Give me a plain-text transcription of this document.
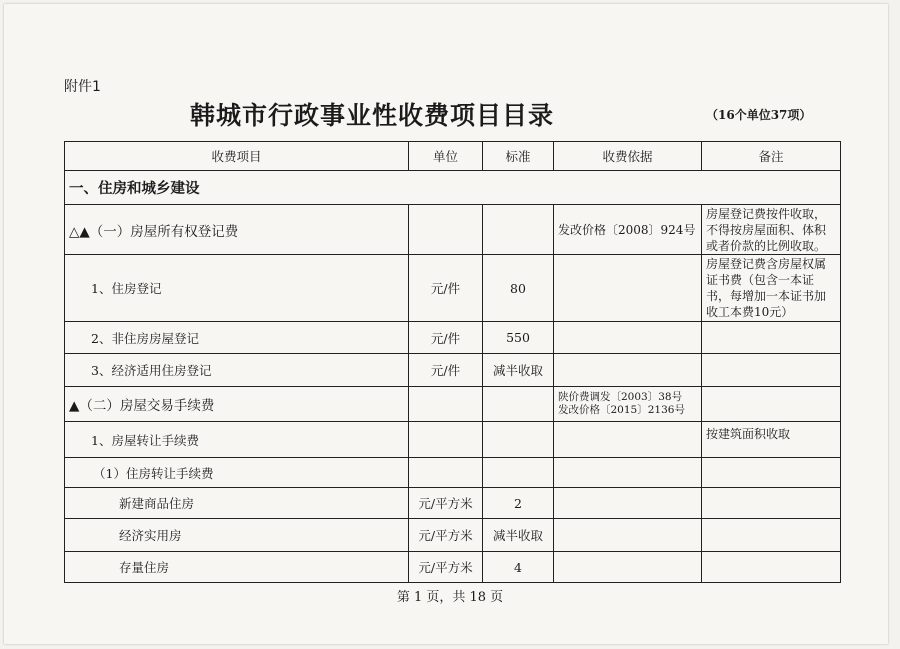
附件1
韩城市行政事业性收费项目目录	（16个单位37项）
收费项目	单位	标准	收费依据	备注
一、住房和城乡建设				
△▲（一）房屋所有权登记费			发改价格〔2008〕924号	房屋登记费按件收取，不得按房屋面积、体积或者价款的比例收取。
1、住房登记	元/件	80		房屋登记费含房屋权属证书费（包含一本证书，每增加一本证书加收工本费10元）
2、非住房房屋登记	元/件	550		
3、经济适用住房登记	元/件	减半收取		
▲（二）房屋交易手续费			陕价费调发〔2003〕38号
发改价格〔2015〕2136号	

1、房屋转让手续费				按建筑面积收取
（1）住房转让手续费				
新建商品住房	元/平方米	2		
经济实用房	元/平方米	减半收取		
存量住房	元/平方米	4		
第 1 页，共 18 页
